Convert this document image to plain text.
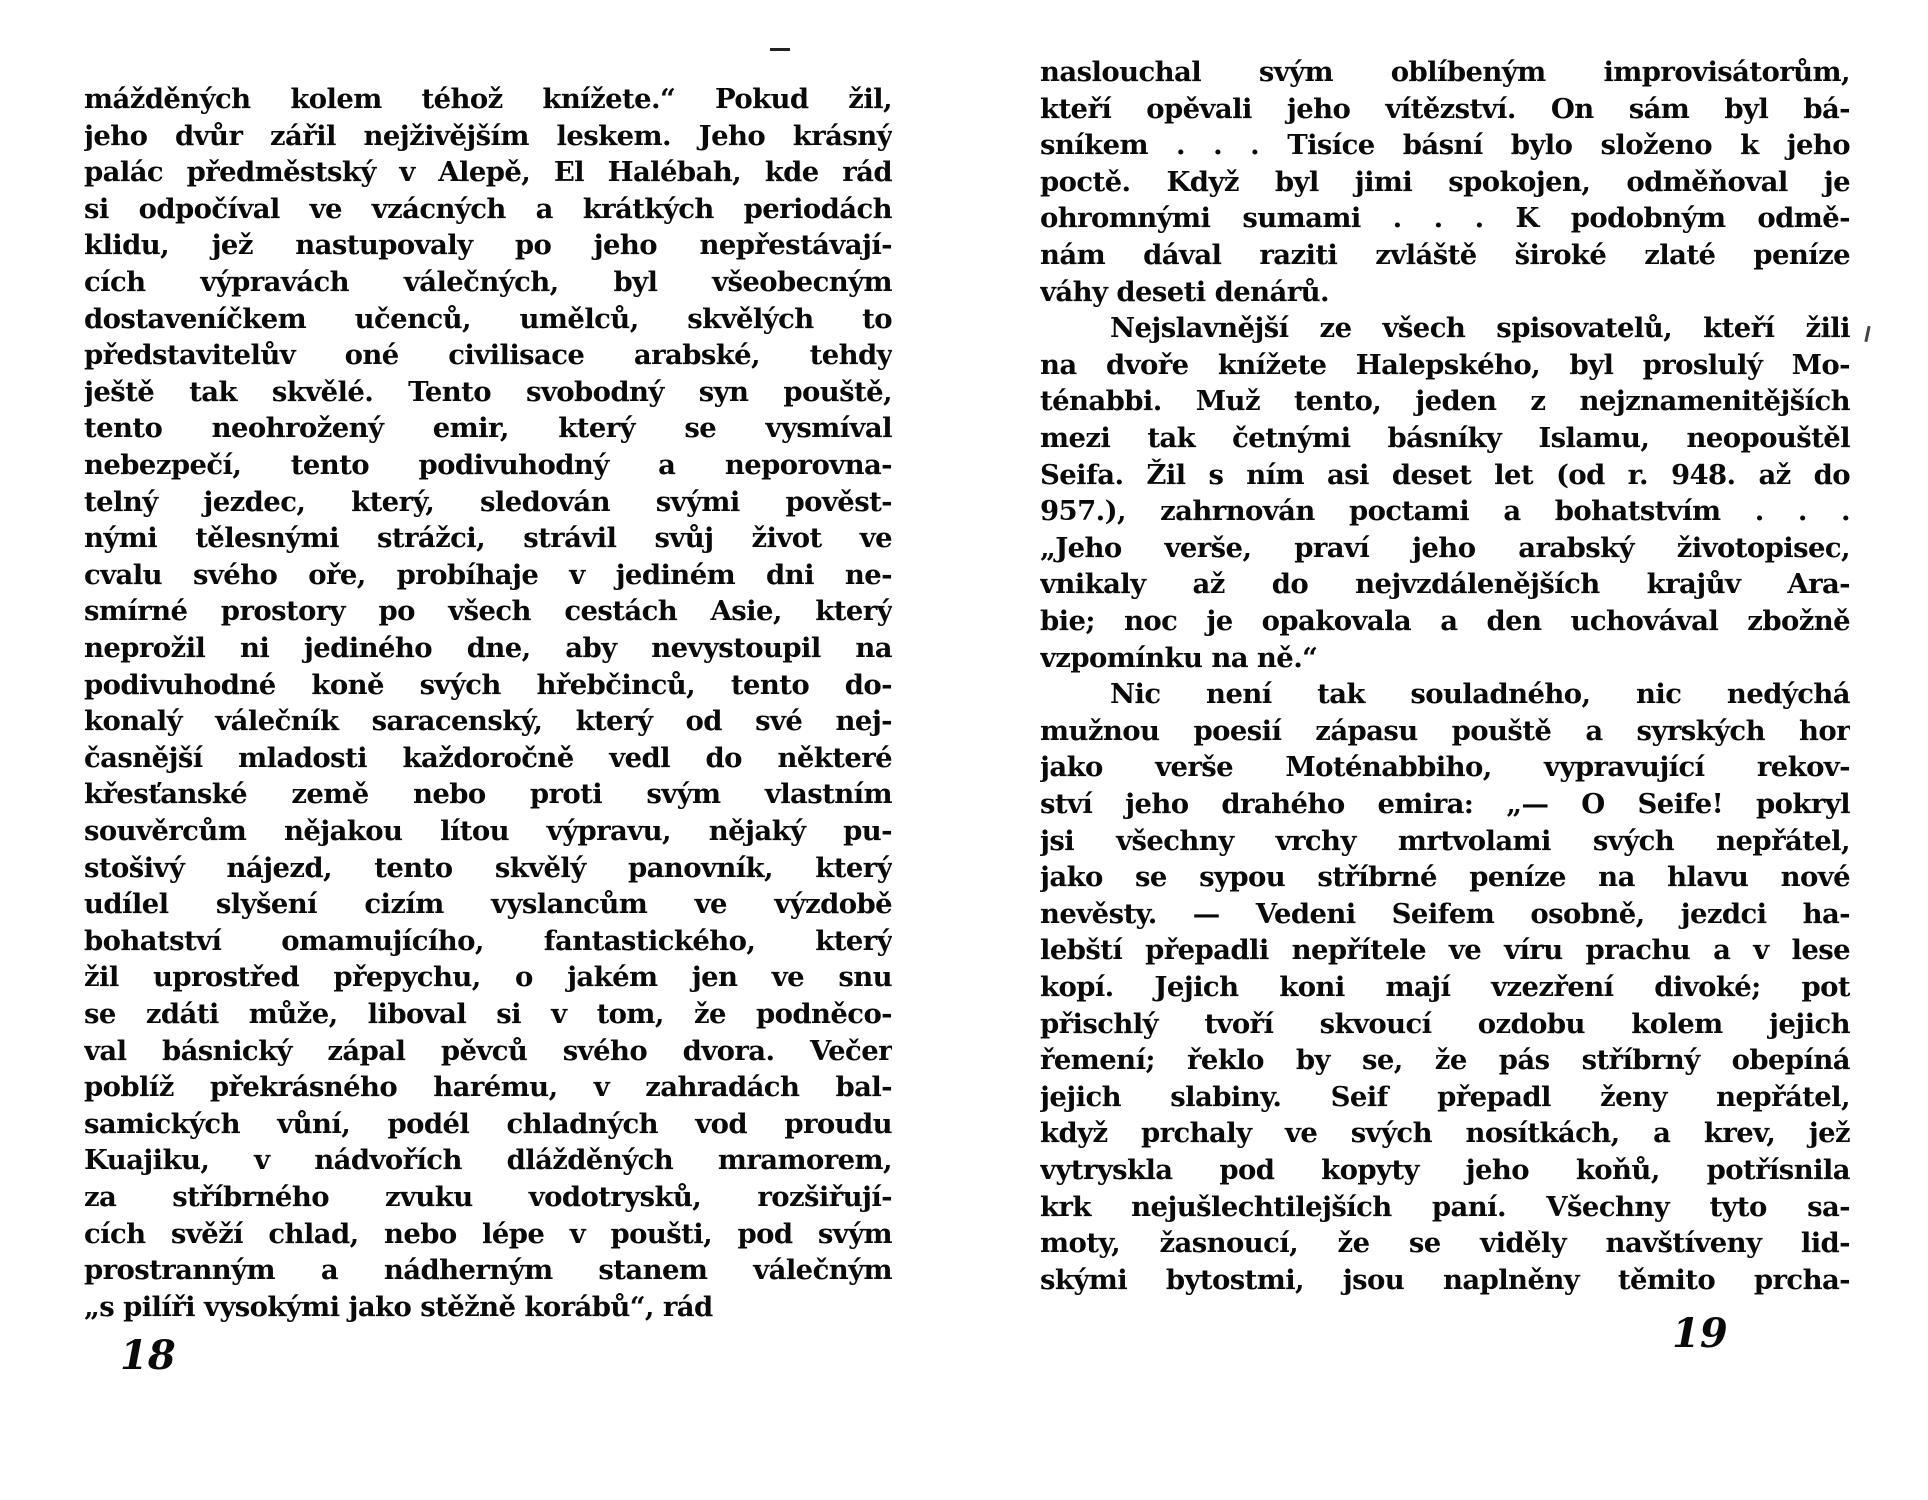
mážděných kolem téhož knížete.“ Pokud žil,
jeho dvůr zářil nejživějším leskem. Jeho krásný
palác předměstský v Alepě, El Halébah, kde rád
si odpočíval ve vzácných a krátkých periodách
klidu, jež nastupovaly po jeho nepřestávají-
cích výpravách válečných, byl všeobecným
dostaveníčkem učenců, umělců, skvělých to
představitelův oné civilisace arabské, tehdy
ještě tak skvělé. Tento svobodný syn pouště,
tento neohrožený emir, který se vysmíval
nebezpečí, tento podivuhodný a neporovna-
telný jezdec, který, sledován svými pověst-
nými tělesnými strážci, strávil svůj život ve
cvalu svého oře, probíhaje v jediném dni ne-
smírné prostory po všech cestách Asie, který
neprožil ni jediného dne, aby nevystoupil na
podivuhodné koně svých hřebčinců, tento do-
konalý válečník saracenský, který od své nej-
časnější mladosti každoročně vedl do některé
křesťanské země nebo proti svým vlastním
souvěrcům nějakou lítou výpravu, nějaký pu-
stošivý nájezd, tento skvělý panovník, který
udílel slyšení cizím vyslancům ve výzdobě
bohatství omamujícího, fantastického, který
žil uprostřed přepychu, o jakém jen ve snu
se zdáti může, liboval si v tom, že podněco-
val básnický zápal pěvců svého dvora. Večer
poblíž překrásného harému, v zahradách bal-
samických vůní, podél chladných vod proudu
Kuajiku, v nádvořích dlážděných mramorem,
za stříbrného zvuku vodotrysků, rozšiřují-
cích svěží chlad, nebo lépe v poušti, pod svým
prostranným a nádherným stanem válečným
„s pilíři vysokými jako stěžně korábů“, rád
18
naslouchal svým oblíbeným improvisátorům,
kteří opěvali jeho vítězství. On sám byl bá-
sníkem . . . Tisíce básní bylo složeno k jeho
poctě. Když byl jimi spokojen, odměňoval je
ohromnými sumami . . . K podobným odmě-
nám dával raziti zvláště široké zlaté peníze
váhy deseti denárů.
Nejslavnější ze všech spisovatelů, kteří žili
na dvoře knížete Halepského, byl proslulý Mo-
ténabbi. Muž tento, jeden z nejznamenitějších
mezi tak četnými básníky Islamu, neopouštěl
Seifa. Žil s ním asi deset let (od r. 948. až do
957.), zahrnován poctami a bohatstvím . . .
„Jeho verše, praví jeho arabský životopisec,
vnikaly až do nejvzdálenějších krajův Ara-
bie; noc je opakovala a den uchovával zbožně
vzpomínku na ně.“
Nic není tak souladného, nic nedýchá
mužnou poesií zápasu pouště a syrských hor
jako verše Moténabbiho, vypravující rekov-
ství jeho drahého emira: „— O Seife! pokryl
jsi všechny vrchy mrtvolami svých nepřátel,
jako se sypou stříbrné peníze na hlavu nové
nevěsty. — Vedeni Seifem osobně, jezdci ha-
lebští přepadli nepřítele ve víru prachu a v lese
kopí. Jejich koni mají vzezření divoké; pot
přischlý tvoří skvoucí ozdobu kolem jejich
řemení; řeklo by se, že pás stříbrný obepíná
jejich slabiny. Seif přepadl ženy nepřátel,
když prchaly ve svých nosítkách, a krev, jež
vytryskla pod kopyty jeho koňů, potřísnila
krk nejušlechtilejších paní. Všechny tyto sa-
moty, žasnoucí, že se viděly navštíveny lid-
skými bytostmi, jsou naplněny těmito prcha-
19
